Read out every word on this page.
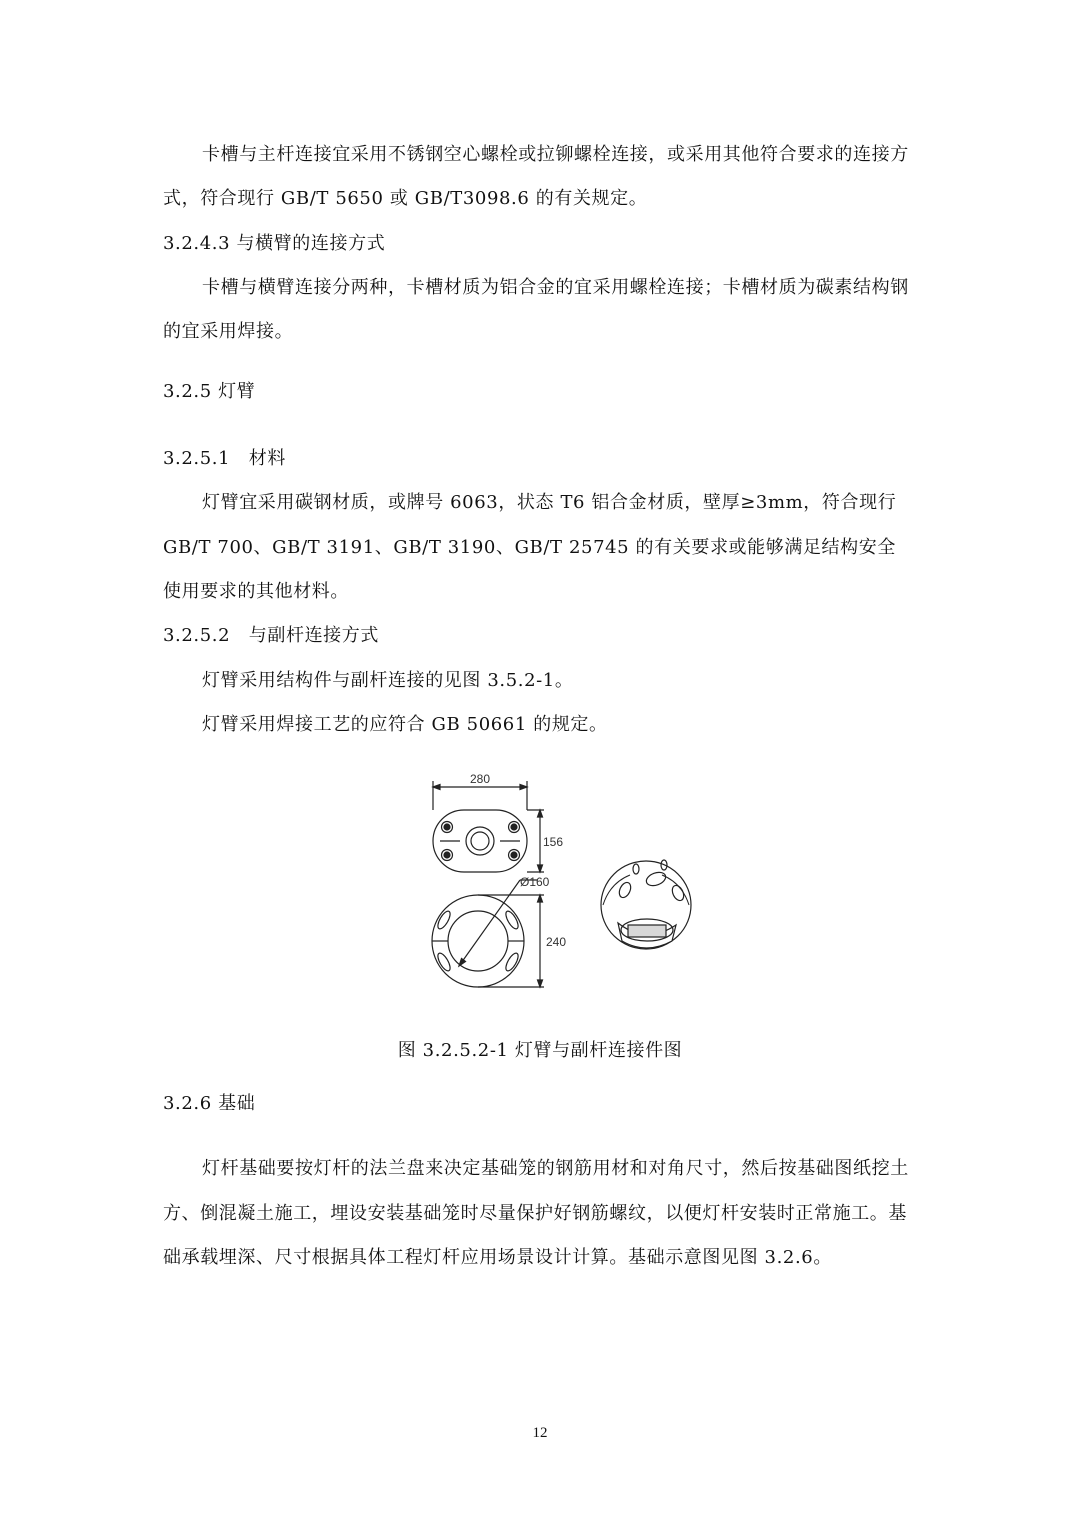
卡槽与主杆连接宜采用不锈钢空心螺栓或拉铆螺栓连接，或采用其他符合要求的连接方
式，符合现行 GB/T 5650 或 GB/T3098.6 的有关规定。
3.2.4.3 与横臂的连接方式
卡槽与横臂连接分两种，卡槽材质为铝合金的宜采用螺栓连接；卡槽材质为碳素结构钢
的宜采用焊接。
3.2.5 灯臂
3.2.5.1　材料
灯臂宜采用碳钢材质，或牌号 6063，状态 T6 铝合金材质，壁厚≥3mm，符合现行
GB/T 700、GB/T 3191、GB/T 3190、GB/T 25745 的有关要求或能够满足结构安全
使用要求的其他材料。
3.2.5.2　与副杆连接方式
灯臂采用结构件与副杆连接的见图 3.5.2-1。
灯臂采用焊接工艺的应符合 GB 50661 的规定。
280
156
Ø160
240
图 3.2.5.2-1 灯臂与副杆连接件图
3.2.6 基础
灯杆基础要按灯杆的法兰盘来决定基础笼的钢筋用材和对角尺寸，然后按基础图纸挖土
方、倒混凝土施工，埋设安装基础笼时尽量保护好钢筋螺纹，以便灯杆安装时正常施工。基
础承载埋深、尺寸根据具体工程灯杆应用场景设计计算。基础示意图见图 3.2.6。
12
